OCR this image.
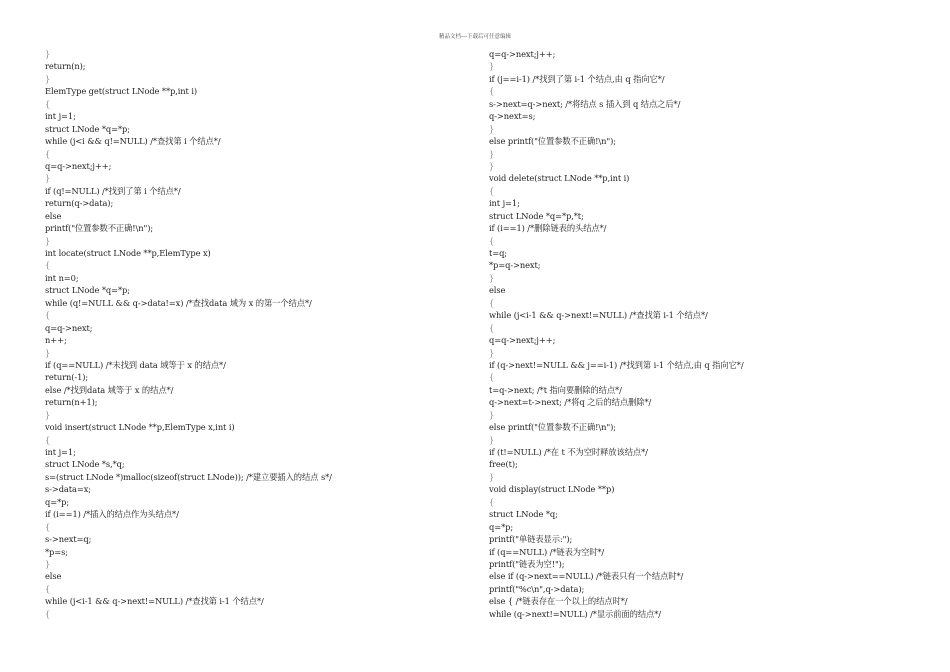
精品文档---下载后可任意编辑
}
return(n);
}
ElemType get(struct LNode **p,int i)
{
int j=1;
struct LNode *q=*p;
while (j<i && q!=NULL) /*查找第 i 个结点*/
{
q=q->next;j++;
}
if (q!=NULL) /*找到了第 i 个结点*/
return(q->data);
else
printf("位置参数不正确!\n");
}
int locate(struct LNode **p,ElemType x)
{
int n=0;
struct LNode *q=*p;
while (q!=NULL && q->data!=x) /*查找data 域为 x 的第一个结点*/
{
q=q->next;
n++;
}
if (q==NULL) /*未找到 data 域等于 x 的结点*/
return(-1);
else /*找到data 域等于 x 的结点*/
return(n+1);
}
void insert(struct LNode **p,ElemType x,int i)
{
int j=1;
struct LNode *s,*q;
s=(struct LNode *)malloc(sizeof(struct LNode)); /*建立要插入的结点 s*/
s->data=x;
q=*p;
if (i==1) /*插入的结点作为头结点*/
{
s->next=q;
*p=s;
}
else
{
while (j<i-1 && q->next!=NULL) /*查找第 i-1 个结点*/
{
q=q->next;j++;
}
if (j==i-1) /*找到了第 i-1 个结点,由 q 指向它*/
{
s->next=q->next; /*将结点 s 插入到 q 结点之后*/
q->next=s;
}
else printf("位置参数不正确!\n");
}
}
void delete(struct LNode **p,int i)
{
int j=1;
struct LNode *q=*p,*t;
if (i==1) /*删除链表的头结点*/
{
t=q;
*p=q->next;
}
else
{
while (j<i-1 && q->next!=NULL) /*查找第 i-1 个结点*/
{
q=q->next;j++;
}
if (q->next!=NULL && j==i-1) /*找到第 i-1 个结点,由 q 指向它*/
{
t=q->next; /*t 指向要删除的结点*/
q->next=t->next; /*将q 之后的结点删除*/
}
else printf("位置参数不正确!\n");
}
if (t!=NULL) /*在 t 不为空时释放该结点*/
free(t);
}
void display(struct LNode **p)
{
struct LNode *q;
q=*p;
printf("单链表显示:");
if (q==NULL) /*链表为空时*/
printf("链表为空!");
else if (q->next==NULL) /*链表只有一个结点时*/
printf("%c\n",q->data);
else { /*链表存在一个以上的结点时*/
while (q->next!=NULL) /*显示前面的结点*/
